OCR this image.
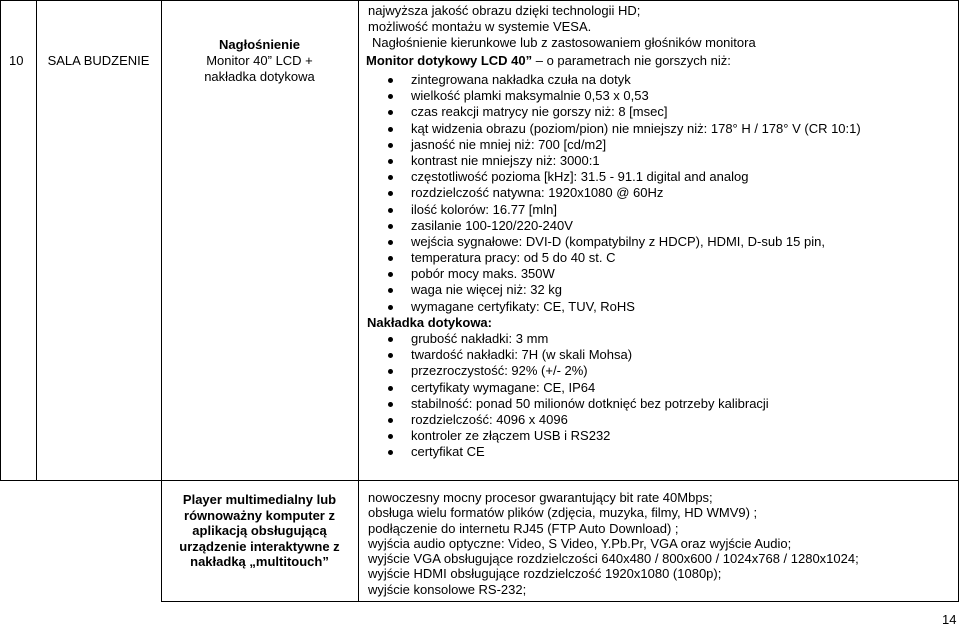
10	SALA BUDZENIE
Nagłośnienie
Monitor 40” LCD +
nakładka dotykowa
najwyższa jakość obrazu dzięki technologii HD;
możliwość montażu w systemie VESA.
Nagłośnienie kierunkowe lub z zastosowaniem głośników monitora
Monitor dotykowy LCD 40” – o parametrach nie gorszych niż:
zintegrowana nakładka czuła na dotyk
wielkość plamki maksymalnie 0,53 x 0,53
czas reakcji matrycy nie gorszy niż: 8 [msec]
kąt widzenia obrazu (poziom/pion) nie mniejszy niż: 178° H / 178° V (CR 10:1)
jasność nie mniej niż: 700 [cd/m2]
kontrast nie mniejszy niż: 3000:1
częstotliwość pozioma [kHz]: 31.5 - 91.1 digital and analog
rozdzielczość natywna: 1920x1080 @ 60Hz
ilość kolorów: 16.77 [mln]
zasilanie 100-120/220-240V
wejścia sygnałowe: DVI-D (kompatybilny z HDCP), HDMI, D-sub 15 pin,
temperatura pracy: od 5 do 40 st. C
pobór mocy maks. 350W
waga nie więcej niż: 32 kg
wymagane certyfikaty: CE, TUV, RoHS
Nakładka dotykowa:
grubość nakładki: 3 mm
twardość nakładki: 7H (w skali Mohsa)
przezroczystość: 92% (+/- 2%)
certyfikaty wymagane: CE, IP64
stabilność: ponad 50 milionów dotknięć bez potrzeby kalibracji
rozdzielczość: 4096 x 4096
kontroler ze złączem USB i RS232
certyfikat CE
Player multimedialny lub
równoważny komputer z
aplikacją obsługującą
urządzenie interaktywne z
nakładką „multitouch”
nowoczesny mocny procesor gwarantujący bit rate 40Mbps;
obsługa wielu formatów plików (zdjęcia, muzyka, filmy, HD WMV9) ;
podłączenie do internetu RJ45 (FTP Auto Download) ;
wyjścia audio optyczne: Video, S Video, Y.Pb.Pr, VGA oraz wyjście Audio;
wyjście VGA obsługujące rozdzielczości 640x480 / 800x600 / 1024x768 / 1280x1024;
wyjście HDMI obsługujące rozdzielczość 1920x1080 (1080p);
wyjście konsolowe RS-232;
14
